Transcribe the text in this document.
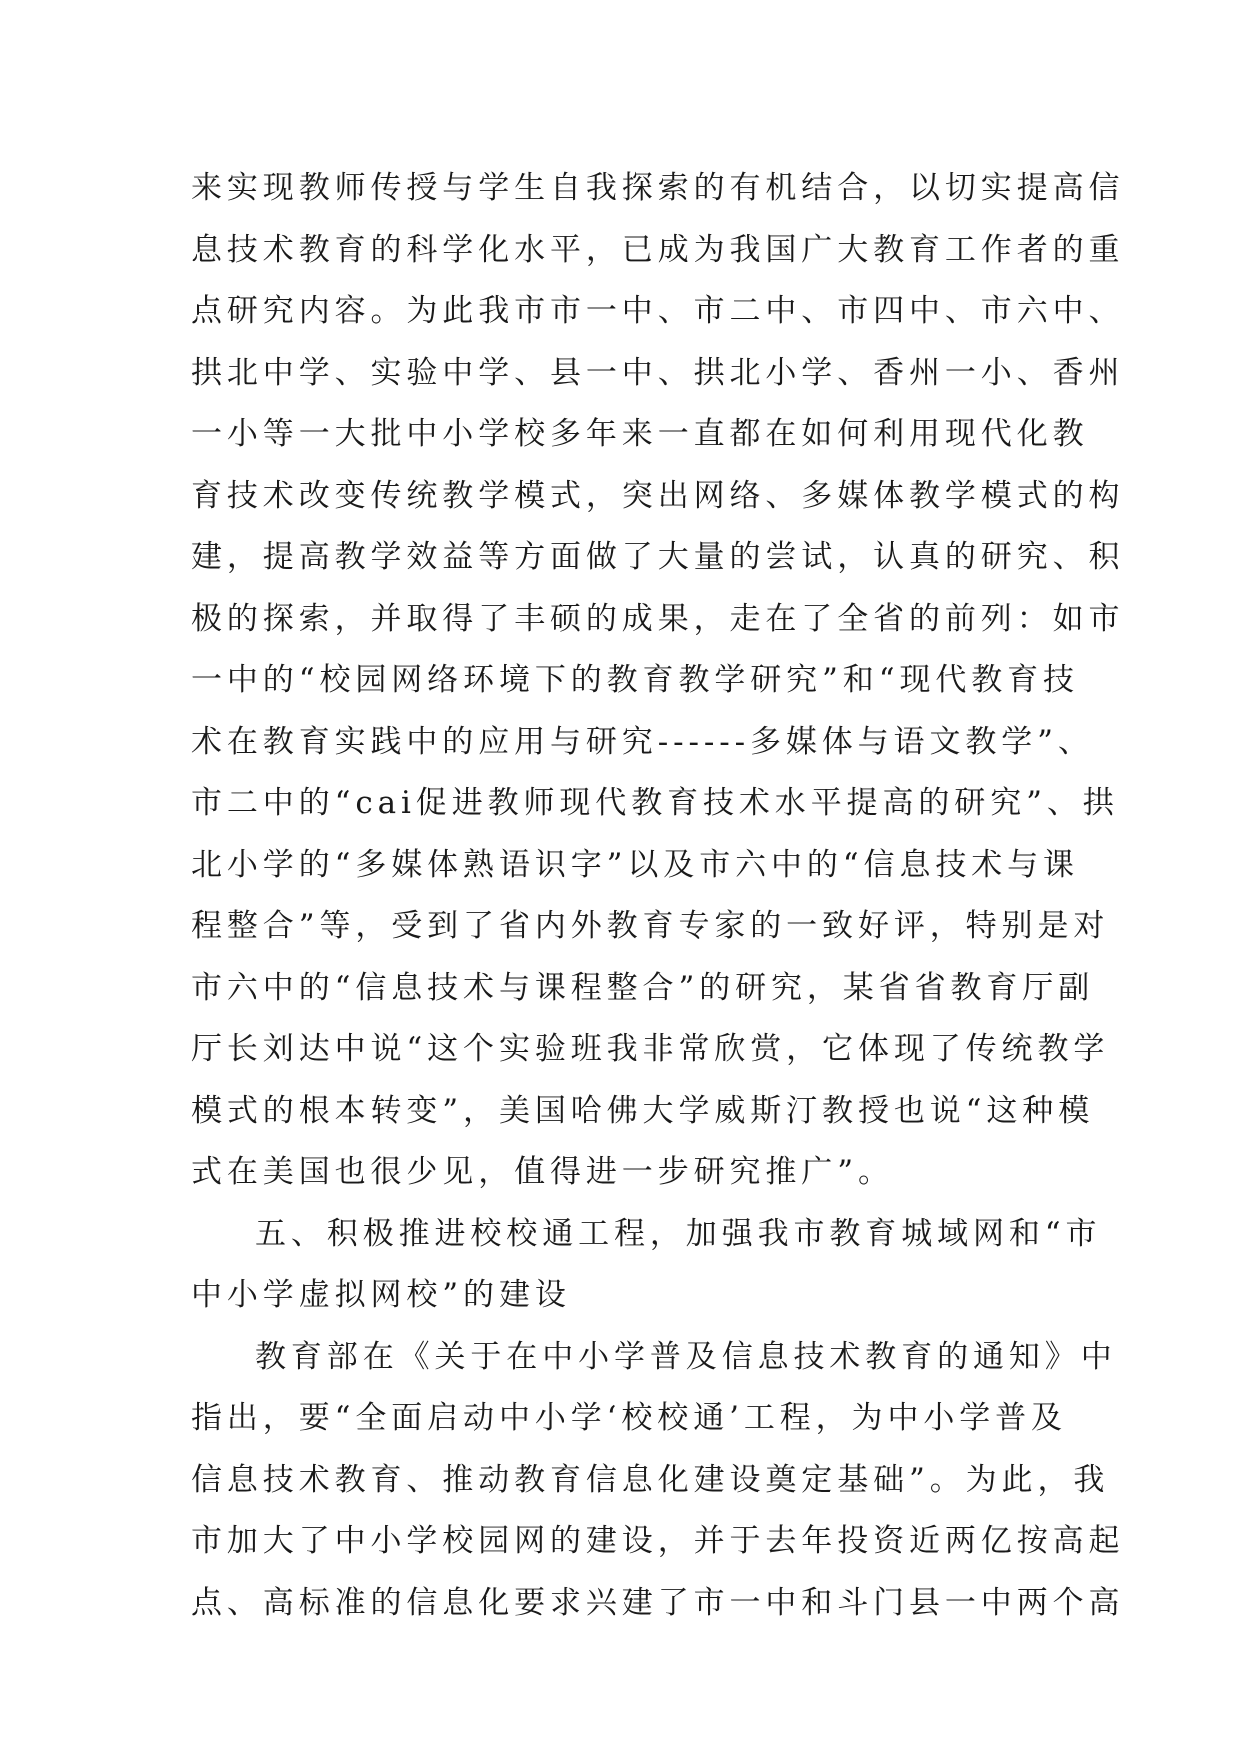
来实现教师传授与学生自我探索的有机结合，以切实提高信
息技术教育的科学化水平，已成为我国广大教育工作者的重
点研究内容。为此我市市一中、市二中、市四中、市六中、
拱北中学、实验中学、县一中、拱北小学、香州一小、香州
一小等一大批中小学校多年来一直都在如何利用现代化教
育技术改变传统教学模式，突出网络、多媒体教学模式的构
建，提高教学效益等方面做了大量的尝试，认真的研究、积
极的探索，并取得了丰硕的成果，走在了全省的前列：如市
一中的“校园网络环境下的教育教学研究”和“现代教育技
术在教育实践中的应用与研究------多媒体与语文教学”、
市二中的“cai促进教师现代教育技术水平提高的研究”、拱
北小学的“多媒体熟语识字”以及市六中的“信息技术与课
程整合”等，受到了省内外教育专家的一致好评，特别是对
市六中的“信息技术与课程整合”的研究，某省省教育厅副
厅长刘达中说“这个实验班我非常欣赏，它体现了传统教学
模式的根本转变”，美国哈佛大学威斯汀教授也说“这种模
式在美国也很少见，值得进一步研究推广”。
五、积极推进校校通工程，加强我市教育城域网和“市
中小学虚拟网校”的建设
教育部在《关于在中小学普及信息技术教育的通知》中
指出，要“全面启动中小学‘校校通’工程，为中小学普及
信息技术教育、推动教育信息化建设奠定基础”。为此，我
市加大了中小学校园网的建设，并于去年投资近两亿按高起
点、高标准的信息化要求兴建了市一中和斗门县一中两个高
